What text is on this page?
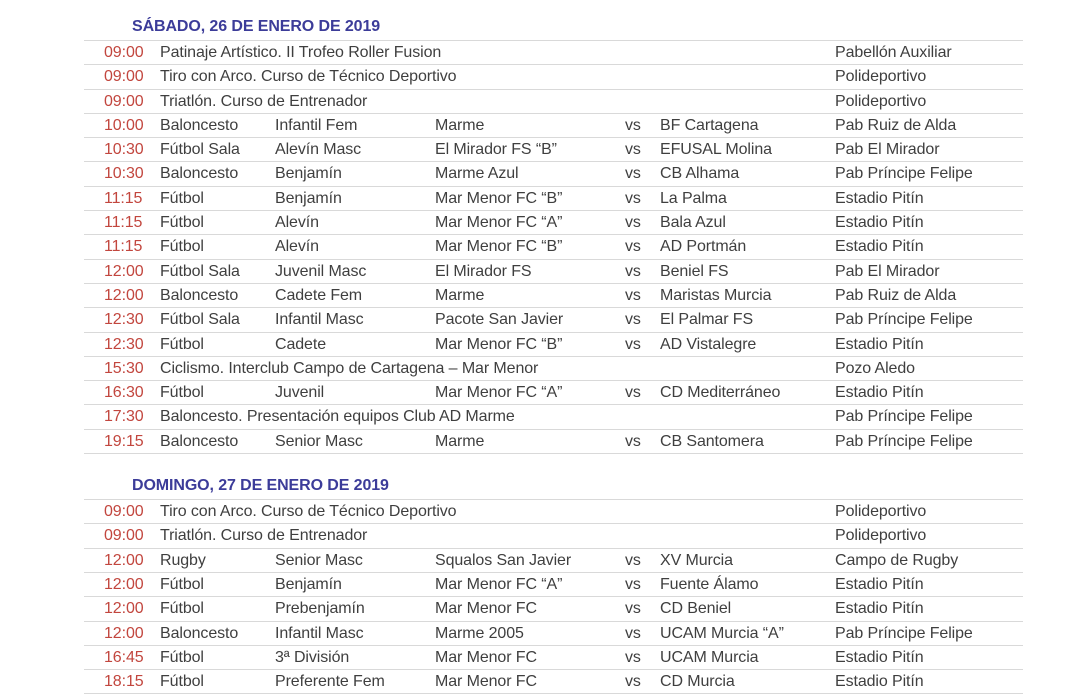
SÁBADO, 26 DE ENERO DE 2019
09:00	Patinaje Artístico. II Trofeo Roller Fusion	Pabellón Auxiliar
09:00	Tiro con Arco. Curso de Técnico Deportivo	Polideportivo
09:00	Triatlón. Curso de Entrenador	Polideportivo
10:00	Baloncesto	Infantil Fem	Marme	vs	BF Cartagena	Pab Ruiz de Alda
10:30	Fútbol Sala	Alevín Masc	El Mirador FS “B”	vs	EFUSAL Molina	Pab El Mirador
10:30	Baloncesto	Benjamín	Marme Azul	vs	CB Alhama	Pab Príncipe Felipe
11:15	Fútbol	Benjamín	Mar Menor FC “B”	vs	La Palma	Estadio Pitín
11:15	Fútbol	Alevín	Mar Menor FC “A”	vs	Bala Azul	Estadio Pitín
11:15	Fútbol	Alevín	Mar Menor FC “B”	vs	AD Portmán	Estadio Pitín
12:00	Fútbol Sala	Juvenil Masc	El Mirador FS	vs	Beniel FS	Pab El Mirador
12:00	Baloncesto	Cadete Fem	Marme	vs	Maristas Murcia	Pab Ruiz de Alda
12:30	Fútbol Sala	Infantil Masc	Pacote San Javier	vs	El Palmar FS	Pab Príncipe Felipe
12:30	Fútbol	Cadete	Mar Menor FC “B”	vs	AD Vistalegre	Estadio Pitín
15:30	Ciclismo. Interclub Campo de Cartagena – Mar Menor	Pozo Aledo
16:30	Fútbol	Juvenil	Mar Menor FC “A”	vs	CD Mediterráneo	Estadio Pitín
17:30	Baloncesto. Presentación equipos Club AD Marme	Pab Príncipe Felipe
19:15	Baloncesto	Senior Masc	Marme	vs	CB Santomera	Pab Príncipe Felipe
DOMINGO, 27 DE ENERO DE 2019
09:00	Tiro con Arco. Curso de Técnico Deportivo	Polideportivo
09:00	Triatlón. Curso de Entrenador	Polideportivo
12:00	Rugby	Senior Masc	Squalos San Javier	vs	XV Murcia	Campo de Rugby
12:00	Fútbol	Benjamín	Mar Menor FC “A”	vs	Fuente Álamo	Estadio Pitín
12:00	Fútbol	Prebenjamín	Mar Menor FC	vs	CD Beniel	Estadio Pitín
12:00	Baloncesto	Infantil Masc	Marme 2005	vs	UCAM Murcia “A”	Pab Príncipe Felipe
16:45	Fútbol	3ª División	Mar Menor FC	vs	UCAM Murcia	Estadio Pitín
18:15	Fútbol	Preferente Fem	Mar Menor FC	vs	CD Murcia	Estadio Pitín
